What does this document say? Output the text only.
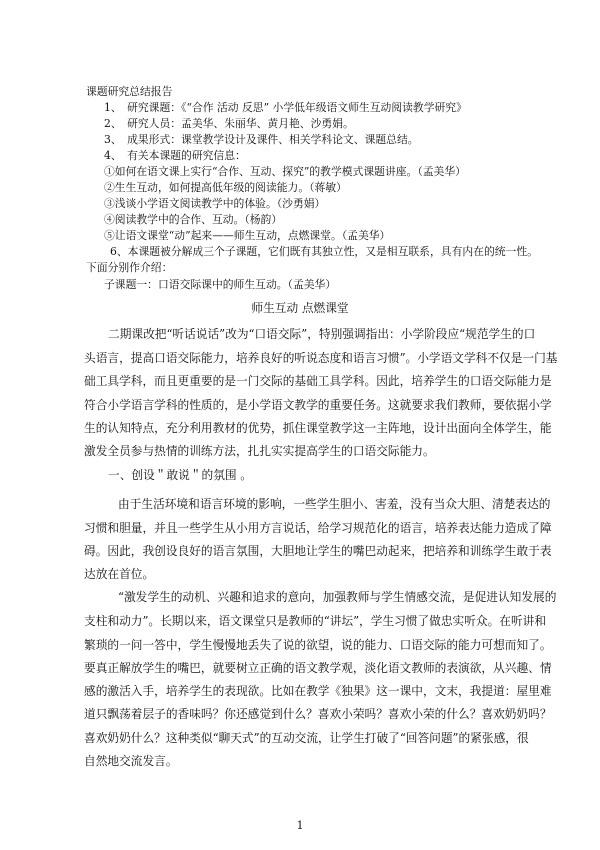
课题研究总结报告
1、　研究课题：《“合作 活动 反思” 小学低年级语文师生互动阅读教学研究》
2、　研究人员：孟美华、朱丽华、黄月艳、沙勇娟。
3、　成果形式：课堂教学设计及课件、相关学科论文、课题总结。
4、　有关本课题的研究信息：
①如何在语文课上实行“合作、互动、探究”的教学模式课题讲座。（孟美华）
②生生互动，如何提高低年级的阅读能力。（蒋敏）
③浅谈小学语文阅读教学中的体验。（沙勇娟）
④阅读教学中的合作、互动。（杨韵）
⑤让语文课堂“动”起来——师生互动，点燃课堂。（孟美华）
6、本课题被分解成三个子课题，它们既有其独立性，又是相互联系，具有内在的统一性。
下面分别作介绍：
子课题一：口语交际课中的师生互动。（孟美华）
师生互动 点燃课堂
二期课改把“听话说话”改为“口语交际”，特别强调指出：小学阶段应“规范学生的口
头语言，提高口语交际能力，培养良好的听说态度和语言习惯”。小学语文学科不仅是一门基
础工具学科，而且更重要的是一门交际的基础工具学科。因此，培养学生的口语交际能力是
符合小学语言学科的性质的，是小学语文教学的重要任务。这就要求我们教师，要依据小学
生的认知特点，充分利用教材的优势，抓住课堂教学这一主阵地，设计出面向全体学生，能
激发全员参与热情的训练方法，扎扎实实提高学生的口语交际能力。
一、创设＂敢说＂的氛围 。
由于生活环境和语言环境的影响，一些学生胆小、害羞，没有当众大胆、清楚表达的
习惯和胆量，并且一些学生从小用方言说话，给学习规范化的语言，培养表达能力造成了障
碍。因此，我创设良好的语言氛围，大胆地让学生的嘴巴动起来，把培养和训练学生敢于表
达放在首位。
“激发学生的动机、兴趣和追求的意向，加强教师与学生情感交流，是促进认知发展的
支柱和动力”。长期以来，语文课堂只是教师的“讲坛”，学生习惯了做忠实听众。在听讲和
繁琐的一问一答中，学生慢慢地丢失了说的欲望，说的能力、口语交际的能力可想而知了。
要真正解放学生的嘴巴，就要树立正确的语文教学观，淡化语文教师的表演欲，从兴趣、情
感的激活入手，培养学生的表现欲。比如在教学《独果》这一课中，文末，我提道：屋里难
道只飘荡着层子的香味吗？你还感觉到什么？喜欢小荣吗？喜欢小荣的什么？喜欢奶奶吗？
喜欢奶奶什么？这种类似“聊天式”的互动交流，让学生打破了“回答问题”的紧张感，很
自然地交流发言。
1
